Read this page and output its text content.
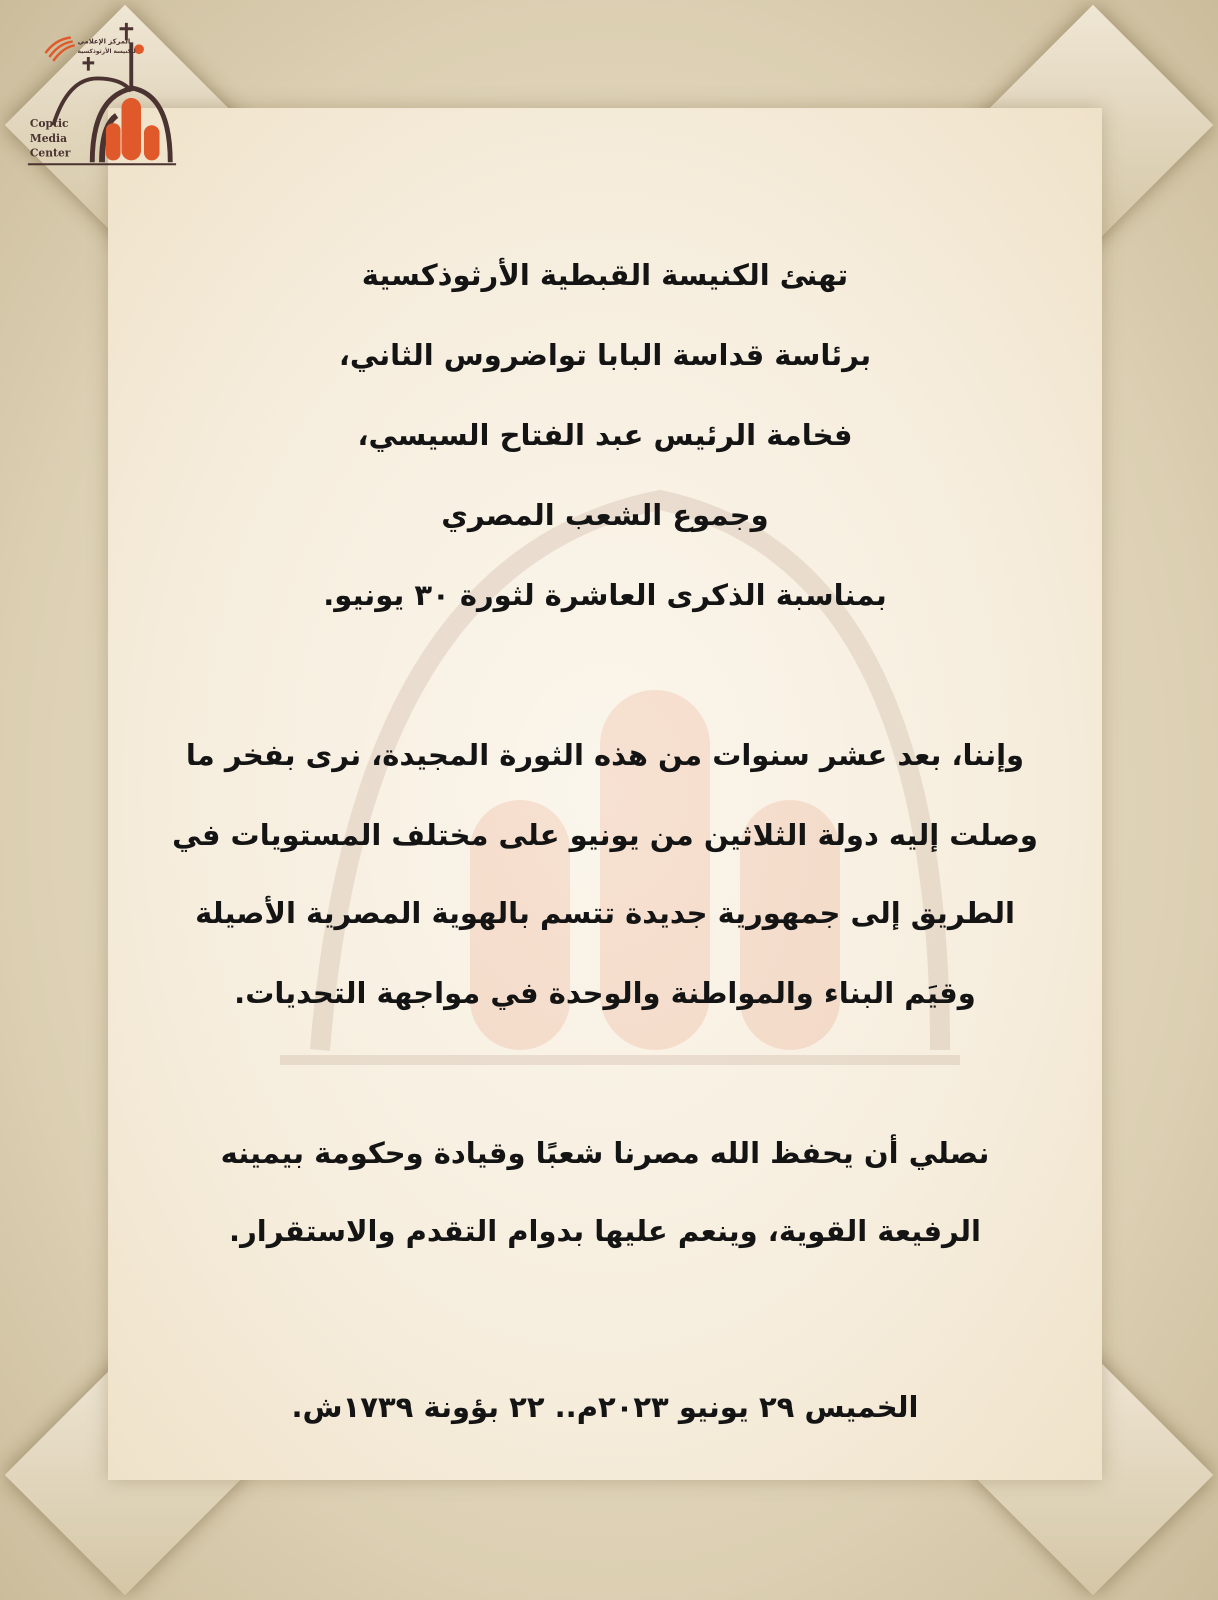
المركز الإعلامي
للكنيسة الأرثوذكسية
Coptic
Media
Center
تهنئ الكنيسة القبطية الأرثوذكسية
برئاسة قداسة البابا تواضروس الثاني،
فخامة الرئيس عبد الفتاح السيسي،
وجموع الشعب المصري
بمناسبة الذكرى العاشرة لثورة ٣٠ يونيو.
وإننا، بعد عشر سنوات من هذه الثورة المجيدة، نرى بفخر ما
وصلت إليه دولة الثلاثين من يونيو على مختلف المستويات في
الطريق إلى جمهورية جديدة تتسم بالهوية المصرية الأصيلة
وقيَم البناء والمواطنة والوحدة في مواجهة التحديات.
نصلي أن يحفظ الله مصرنا شعبًا وقيادة وحكومة بيمينه
الرفيعة القوية، وينعم عليها بدوام التقدم والاستقرار.
الخميس ٢٩ يونيو ٢٠٢٣م.. ٢٢ بؤونة ١٧٣٩ش.
